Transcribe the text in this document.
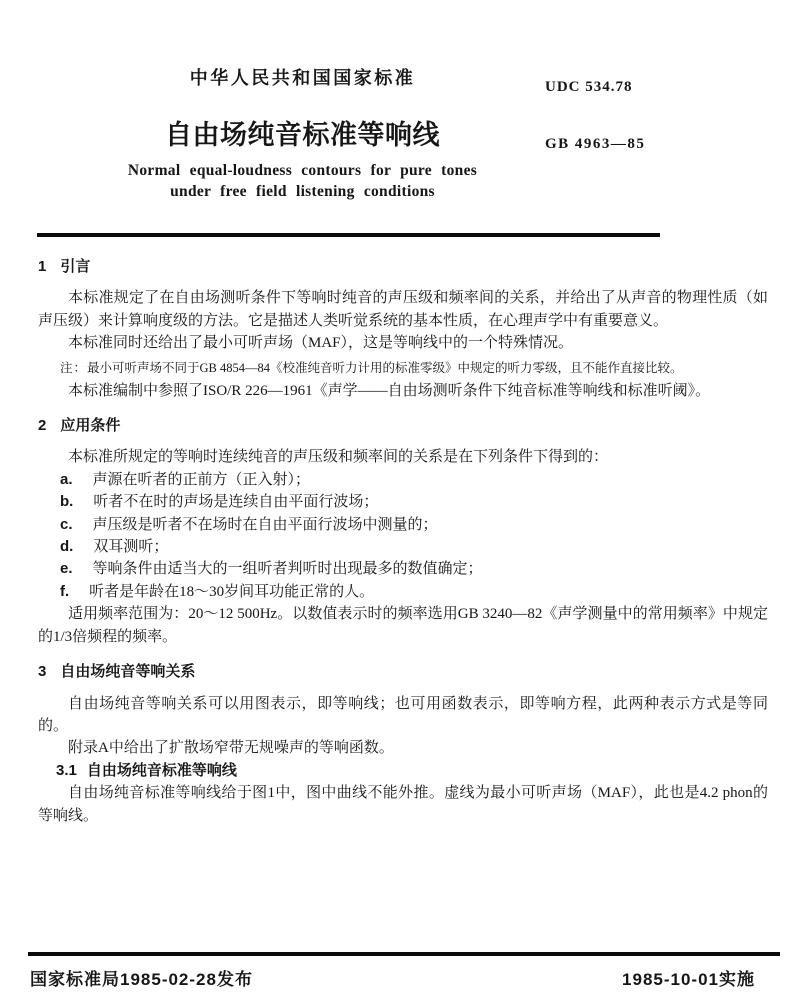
中华人民共和国国家标准	UDC 534.78
自由场纯音标准等响线	GB 4963—85
Normal equal-loudness contours for pure tones
under free field listening conditions
1 引言

本标准规定了在自由场测听条件下等响时纯音的声压级和频率间的关系，并给出了从声音的物理性质（如声压级）来计算响度级的方法。它是描述人类听觉系统的基本性质，在心理声学中有重要意义。

本标准同时还给出了最小可听声场（MAF），这是等响线中的一个特殊情况。

注：最小可听声场不同于GB 4854—84《校准纯音听力计用的标准零级》中规定的听力零级，且不能作直接比较。

本标准编制中参照了ISO/R 226—1961《声学——自由场测听条件下纯音标准等响线和标准听阈》。

2 应用条件

本标准所规定的等响时连续纯音的声压级和频率间的关系是在下列条件下得到的：

a. 声源在听者的正前方（正入射）；
b. 听者不在时的声场是连续自由平面行波场；
c. 声压级是听者不在场时在自由平面行波场中测量的；
d. 双耳测听；
e. 等响条件由适当大的一组听者判听时出现最多的数值确定；
f. 听者是年龄在18～30岁间耳功能正常的人。

适用频率范围为：20～12 500Hz。以数值表示时的频率选用GB 3240—82《声学测量中的常用频率》中规定的1/3倍频程的频率。

3 自由场纯音等响关系

自由场纯音等响关系可以用图表示，即等响线；也可用函数表示，即等响方程，此两种表示方式是等同的。

附录A中给出了扩散场窄带无规噪声的等响函数。

3.1 自由场纯音标准等响线

自由场纯音标准等响线给于图1中，图中曲线不能外推。虚线为最小可听声场（MAF），此也是4.2 phon的等响线。

国家标准局1985-02-28发布	1985-10-01实施
